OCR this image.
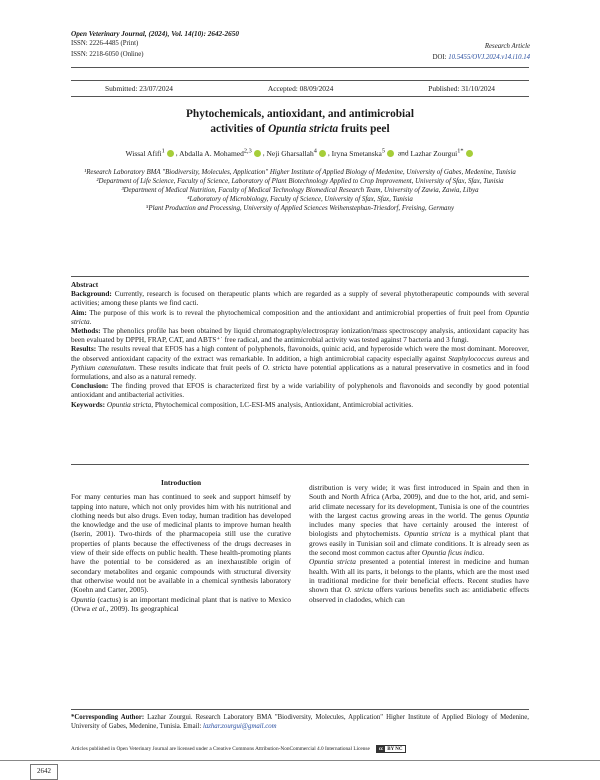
Open Veterinary Journal, (2024), Vol. 14(10): 2642-2650
ISSN: 2226-4485 (Print)
ISSN: 2218-6050 (Online)
Research Article
DOI: 10.5455/OVJ.2024.v14.i10.14
Submitted: 23/07/2024	Accepted: 08/09/2024	Published: 31/10/2024
Phytochemicals, antioxidant, and antimicrobial
activities of Opuntia stricta fruits peel
Wissal Afifi$^1$ , Abdalla A. Mohamed$^{2,3}$ , Neji Gharsallah$^4$ , Iryna Smetanska$^5$ and Lazhar Zourgui$^{1*}$
¹Research Laboratory BMA "Biodiversity, Molecules, Application" Higher Institute of Applied Biology of Medenine, University of Gabes, Medenine, Tunisia
²Department of Life Science, Faculty of Science, Laboratory of Plant Biotechnology Applied to Crop Improvement, University of Sfax, Sfax, Tunisia
³Department of Medical Nutrition, Faculty of Medical Technology Biomedical Research Team, University of Zawia, Zawia, Libya
⁴Laboratory of Microbiology, Faculty of Science, University of Sfax, Sfax, Tunisia
⁵Plant Production and Processing, University of Applied Sciences Weihenstephan-Triesdorf, Freising, Germany

Abstract

Background: Currently, research is focused on therapeutic plants which are regarded as a supply of several phytotherapeutic compounds with several activities; among these plants we find cacti.

Aim: The purpose of this work is to reveal the phytochemical composition and the antioxidant and antimicrobial properties of fruit peel from Opuntia stricta.

Methods: The phenolics profile has been obtained by liquid chromatography/electrospray ionization/mass spectroscopy analysis, antioxidant capacity has been evaluated by DPPH, FRAP, CAT, and ABTS⁺˙ free radical, and the antimicrobial activity was tested against 7 bacteria and 3 fungi.

Results: The results reveal that EFOS has a high content of polyphenols, flavonoids, quinic acid, and hyperoside which were the most dominant. Moreover, the observed antioxidant capacity of the extract was remarkable. In addition, a high antimicrobial capacity especially against Staphylococcus aureus and Pythium catenulatum. These results indicate that fruit peels of O. stricta have potential applications as a natural preservative in cosmetics and in food formulations, and also as a natural remedy.

Conclusion: The finding proved that EFOS is characterized first by a wide variability of polyphenols and flavonoids and secondly by good potential antioxidant and antibacterial activities.

Keywords: Opuntia stricta, Phytochemical composition, LC-ESI-MS analysis, Antioxidant, Antimicrobial activities.

Introduction

For many centuries man has continued to seek and support himself by tapping into nature, which not only provides him with his nutritional and clothing needs but also drugs. Even today, human tradition has developed the knowledge and the use of medicinal plants to improve human health (Iserin, 2001). Two-thirds of the pharmacopeia still use the curative properties of plants because the effectiveness of the drugs decreases in view of their side effects on public health. These health-promoting plants have the potential to be considered as an inexhaustible origin of secondary metabolites and organic compounds with structural diversity that otherwise would not be available in a chemical synthesis laboratory (Koehn and Carter, 2005).

Opuntia (cactus) is an important medicinal plant that is native to Mexico (Orwa et al., 2009). Its geographical

distribution is very wide; it was first introduced in Spain and then in South and North Africa (Arba, 2009), and due to the hot, arid, and semi-arid climate necessary for its development, Tunisia is one of the countries with the largest cactus growing areas in the world. The genus Opuntia includes many species that have certainly aroused the interest of biologists and phytochemists. Opuntia stricta is a mythical plant that grows easily in Tunisian soil and climate conditions. It is already seen as the second most common cactus after Opuntia ficus indica.

Opuntia stricta presented a potential interest in medicine and human health. With all its parts, it belongs to the plants, which are the most used in traditional medicine for their beneficial effects. Recent studies have shown that O. stricta offers various benefits such as: antidiabetic effects observed in cladodes, which can

*Corresponding Author: Lazhar Zourgui. Research Laboratory BMA "Biodiversity, Molecules, Application" Higher Institute of Applied Biology of Medenine, University of Gabes, Medenine, Tunisia. Email: lazhar.zourgui@gmail.com
Articles published in Open Veterinary Journal are licensed under a Creative Commons Attribution-NonCommercial 4.0 International License	cc BY NC
2642
